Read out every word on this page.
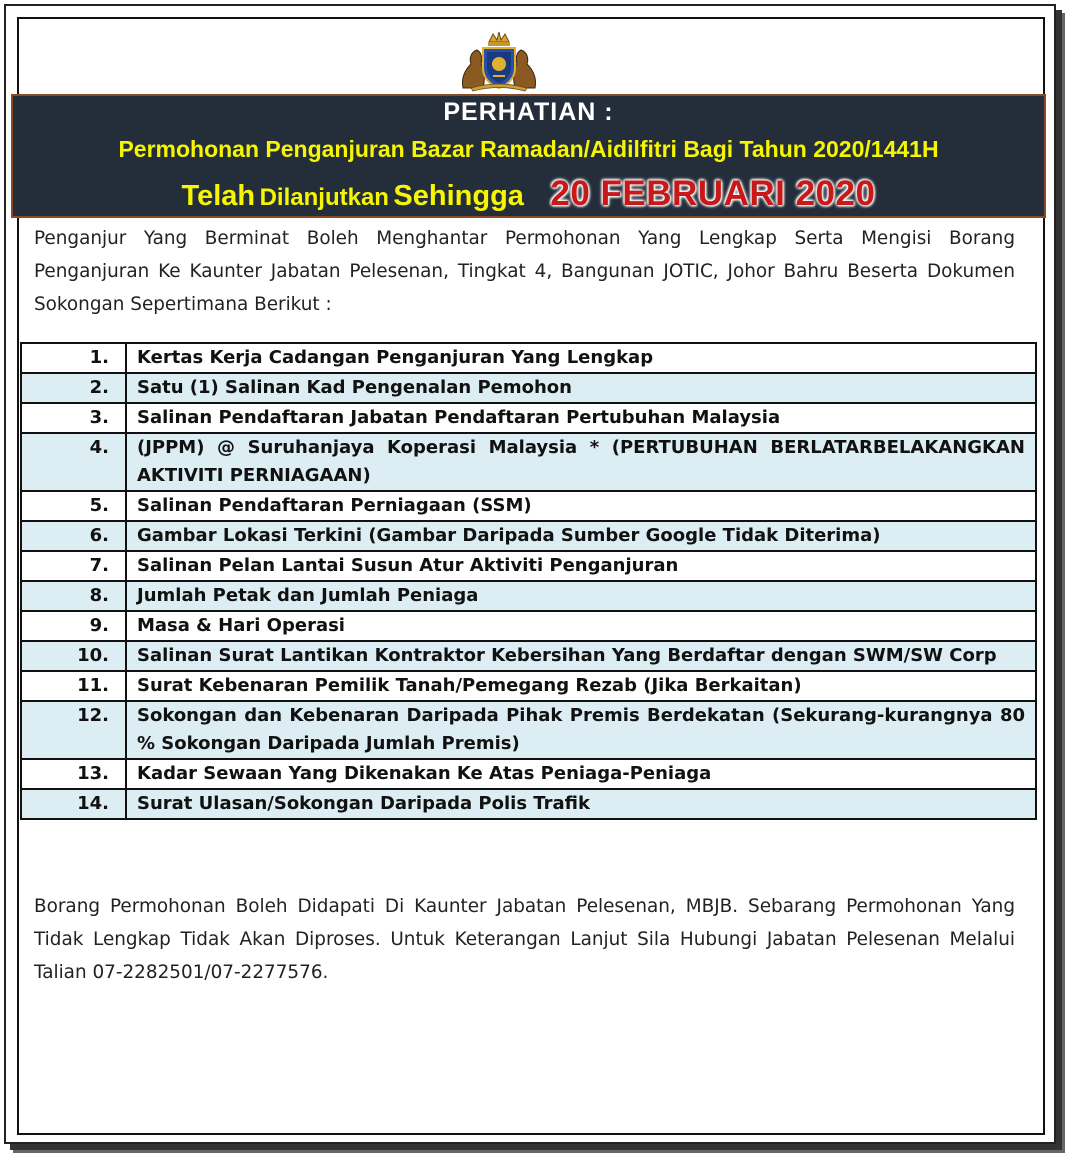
PERHATIAN :
Permohonan Penganjuran Bazar Ramadan/Aidilfitri Bagi Tahun 2020/1441H
Telah Dilanjutkan Sehingga 20 FEBRUARI 2020
Penganjur Yang Berminat Boleh Menghantar Permohonan Yang Lengkap Serta Mengisi Borang Penganjuran Ke Kaunter Jabatan Pelesenan, Tingkat 4, Bangunan JOTIC, Johor Bahru Beserta Dokumen Sokongan Sepertimana Berikut :
1.	Kertas Kerja Cadangan Penganjuran Yang Lengkap
2.	Satu (1) Salinan Kad Pengenalan Pemohon
3.	Salinan Pendaftaran Jabatan Pendaftaran Pertubuhan Malaysia
4.	(JPPM) @ Suruhanjaya Koperasi Malaysia * (PERTUBUHAN BERLATARBELAKANGKAN AKTIVITI PERNIAGAAN)
5.	Salinan Pendaftaran Perniagaan (SSM)
6.	Gambar Lokasi Terkini (Gambar Daripada Sumber Google Tidak Diterima)
7.	Salinan Pelan Lantai Susun Atur Aktiviti Penganjuran
8.	Jumlah Petak dan Jumlah Peniaga
9.	Masa & Hari Operasi
10.	Salinan Surat Lantikan Kontraktor Kebersihan Yang Berdaftar dengan SWM/SW Corp
11.	Surat Kebenaran Pemilik Tanah/Pemegang Rezab (Jika Berkaitan)
12.	Sokongan dan Kebenaran Daripada Pihak Premis Berdekatan (Sekurang-kurangnya 80 % Sokongan Daripada Jumlah Premis)
13.	Kadar Sewaan Yang Dikenakan Ke Atas Peniaga-Peniaga
14.	Surat Ulasan/Sokongan Daripada Polis Trafik
Borang Permohonan Boleh Didapati Di Kaunter Jabatan Pelesenan, MBJB. Sebarang Permohonan Yang Tidak Lengkap Tidak Akan Diproses. Untuk Keterangan Lanjut Sila Hubungi Jabatan Pelesenan Melalui Talian 07-2282501/07-2277576.
